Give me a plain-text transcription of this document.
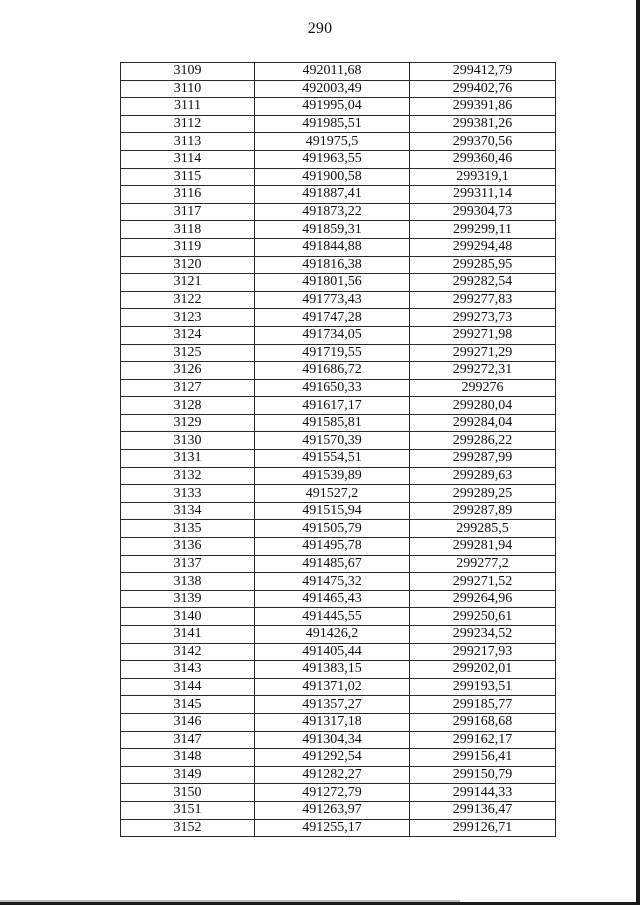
290
3109	492011,68	299412,79
3110	492003,49	299402,76
3111	491995,04	299391,86
3112	491985,51	299381,26
3113	491975,5	299370,56
3114	491963,55	299360,46
3115	491900,58	299319,1
3116	491887,41	299311,14
3117	491873,22	299304,73
3118	491859,31	299299,11
3119	491844,88	299294,48
3120	491816,38	299285,95
3121	491801,56	299282,54
3122	491773,43	299277,83
3123	491747,28	299273,73
3124	491734,05	299271,98
3125	491719,55	299271,29
3126	491686,72	299272,31
3127	491650,33	299276
3128	491617,17	299280,04
3129	491585,81	299284,04
3130	491570,39	299286,22
3131	491554,51	299287,99
3132	491539,89	299289,63
3133	491527,2	299289,25
3134	491515,94	299287,89
3135	491505,79	299285,5
3136	491495,78	299281,94
3137	491485,67	299277,2
3138	491475,32	299271,52
3139	491465,43	299264,96
3140	491445,55	299250,61
3141	491426,2	299234,52
3142	491405,44	299217,93
3143	491383,15	299202,01
3144	491371,02	299193,51
3145	491357,27	299185,77
3146	491317,18	299168,68
3147	491304,34	299162,17
3148	491292,54	299156,41
3149	491282,27	299150,79
3150	491272,79	299144,33
3151	491263,97	299136,47
3152	491255,17	299126,71
